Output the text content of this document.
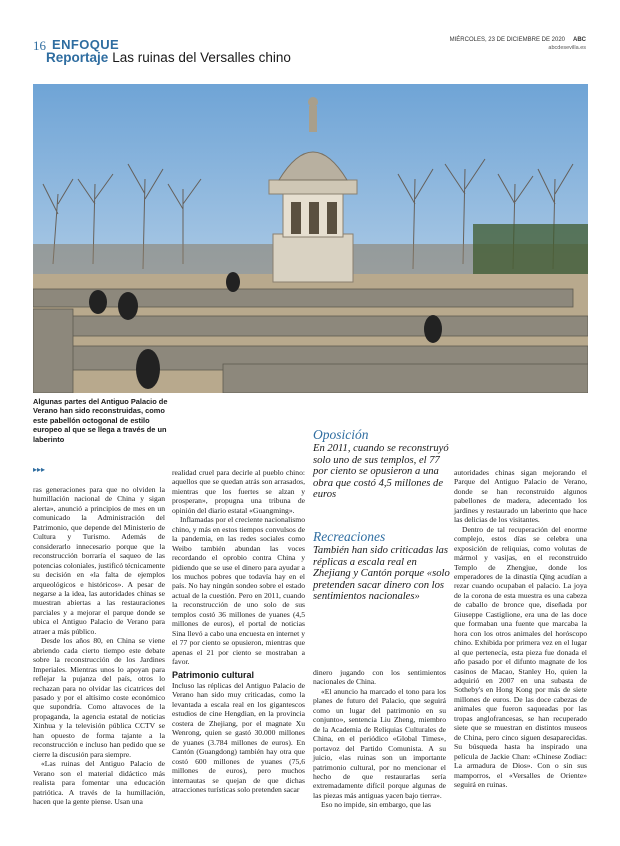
16 ENFOQUE
Reportaje Las ruinas del Versalles chino
MIÉRCOLES, 23 DE DICIEMBRE DE 2020 ABC
abcdesevilla.es
Algunas partes del Antiguo Palacio de Verano han sido reconstruidas, como este pabellón octogonal de estilo europeo al que se llega a través de un laberinto	Oposición
En 2011, cuando se reconstruyó solo uno de sus templos, el 77 por ciento se opusieron a una obra que costó 4,5 millones de euros
Recreaciones
También han sido criticadas las réplicas a escala real en Zhejiang y Cantón porque «solo pretenden sacar dinero con los sentimientos nacionales»
▸▸▸

ras generaciones para que no olviden la humillación nacional de China y sigan alerta», anunció a principios de mes en un comunicado la Administración del Patrimonio, que depende del Ministerio de Cultura y Turismo. Además de considerarlo innecesario porque que la reconstrucción borraría el saqueo de las potencias coloniales, justificó técnicamente su decisión en «la falta de ejemplos arqueológicos e históricos». A pesar de negarse a la idea, las autoridades chinas se muestran abiertas a las restauraciones parciales y a mejorar el parque donde se ubica el Antiguo Palacio de Verano para atraer a más público.

Desde los años 80, en China se viene abriendo cada cierto tiempo este debate sobre la reconstrucción de los Jardines Imperiales. Mientras unos lo apoyan para reflejar la pujanza del país, otros lo rechazan para no olvidar las cicatrices del pasado y por el altísimo coste económico que supondría. Como altavoces de la propaganda, la agencia estatal de noticias Xinhua y la televisión pública CCTV se han opuesto de forma tajante a la reconstrucción e incluso han pedido que se cierre la discusión para siempre.

«Las ruinas del Antiguo Palacio de Verano son el material didáctico más realista para fomentar una educación patriótica. A través de la humillación, hacen que la gente piense. Usan una

realidad cruel para decirle al pueblo chino: aquellos que se quedan atrás son arrasados, mientras que los fuertes se alzan y prosperan», propugna una tribuna de opinión del diario estatal «Guangming».

Inflamadas por el creciente nacionalismo chino, y más en estos tiempos convulsos de la pandemia, en las redes sociales como Weibo también abundan las voces recordando el oprobio contra China y pidiendo que se use el dinero para ayudar a los muchos pobres que todavía hay en el país. No hay ningún sondeo sobre el estado actual de la cuestión. Pero en 2011, cuando la reconstrucción de uno solo de sus templos costó 36 millones de yuanes (4,5 millones de euros), el portal de noticias Sina llevó a cabo una encuesta en internet y el 77 por ciento se opusieron, mientras que apenas el 21 por ciento se mostraban a favor.

Patrimonio cultural

Incluso las réplicas del Antiguo Palacio de Verano han sido muy criticadas, como la levantada a escala real en los gigantescos estudios de cine Hengdian, en la provincia costera de Zhejiang, por el magnate Xu Wenrong, quien se gastó 30.000 millones de yuanes (3.784 millones de euros). En Cantón (Guangdong) también hay otra que costó 600 millones de yuanes (75,6 millones de euros), pero muchos internautas se quejan de que dichas atracciones turísticas solo pretenden sacar

dinero jugando con los sentimientos nacionales de China.

«El anuncio ha marcado el tono para los planes de futuro del Palacio, que seguirá como un lugar del patrimonio en su conjunto», sentencia Liu Zheng, miembro de la Academia de Reliquias Culturales de China, en el periódico «Global Times», portavoz del Partido Comunista. A su juicio, «las ruinas son un importante patrimonio cultural, por no mencionar el hecho de que restaurarlas sería extremadamente difícil porque algunas de las piezas más antiguas yacen bajo tierra».

Eso no impide, sin embargo, que las

autoridades chinas sigan mejorando el Parque del Antiguo Palacio de Verano, donde se han reconstruido algunos pabellones de madera, adecentado los jardines y restaurado un laberinto que hace las delicias de los visitantes.

Dentro de tal recuperación del enorme complejo, estos días se celebra una exposición de reliquias, como volutas de mármol y vasijas, en el reconstruido Templo de Zhengjue, donde los emperadores de la dinastía Qing acudían a rezar cuando ocupaban el palacio. La joya de la corona de esta muestra es una cabeza de caballo de bronce que, diseñada por Giuseppe Castiglione, era una de las doce que formaban una fuente que marcaba la hora con los otros animales del horóscopo chino. Exhibida por primera vez en el lugar al que pertenecía, esta pieza fue donada el año pasado por el difunto magnate de los casinos de Macao, Stanley Ho, quien la adquirió en 2007 en una subasta de Sotheby's en Hong Kong por más de siete millones de euros. De las doce cabezas de animales que fueron saqueadas por las tropas anglofrancesas, se han recuperado siete que se muestran en distintos museos de China, pero cinco siguen desaparecidas. Su búsqueda hasta ha inspirado una película de Jackie Chan: «Chinese Zodiac: La armadura de Dios». Con o sin sus mamporros, el «Versalles de Oriente» seguirá en ruinas.
